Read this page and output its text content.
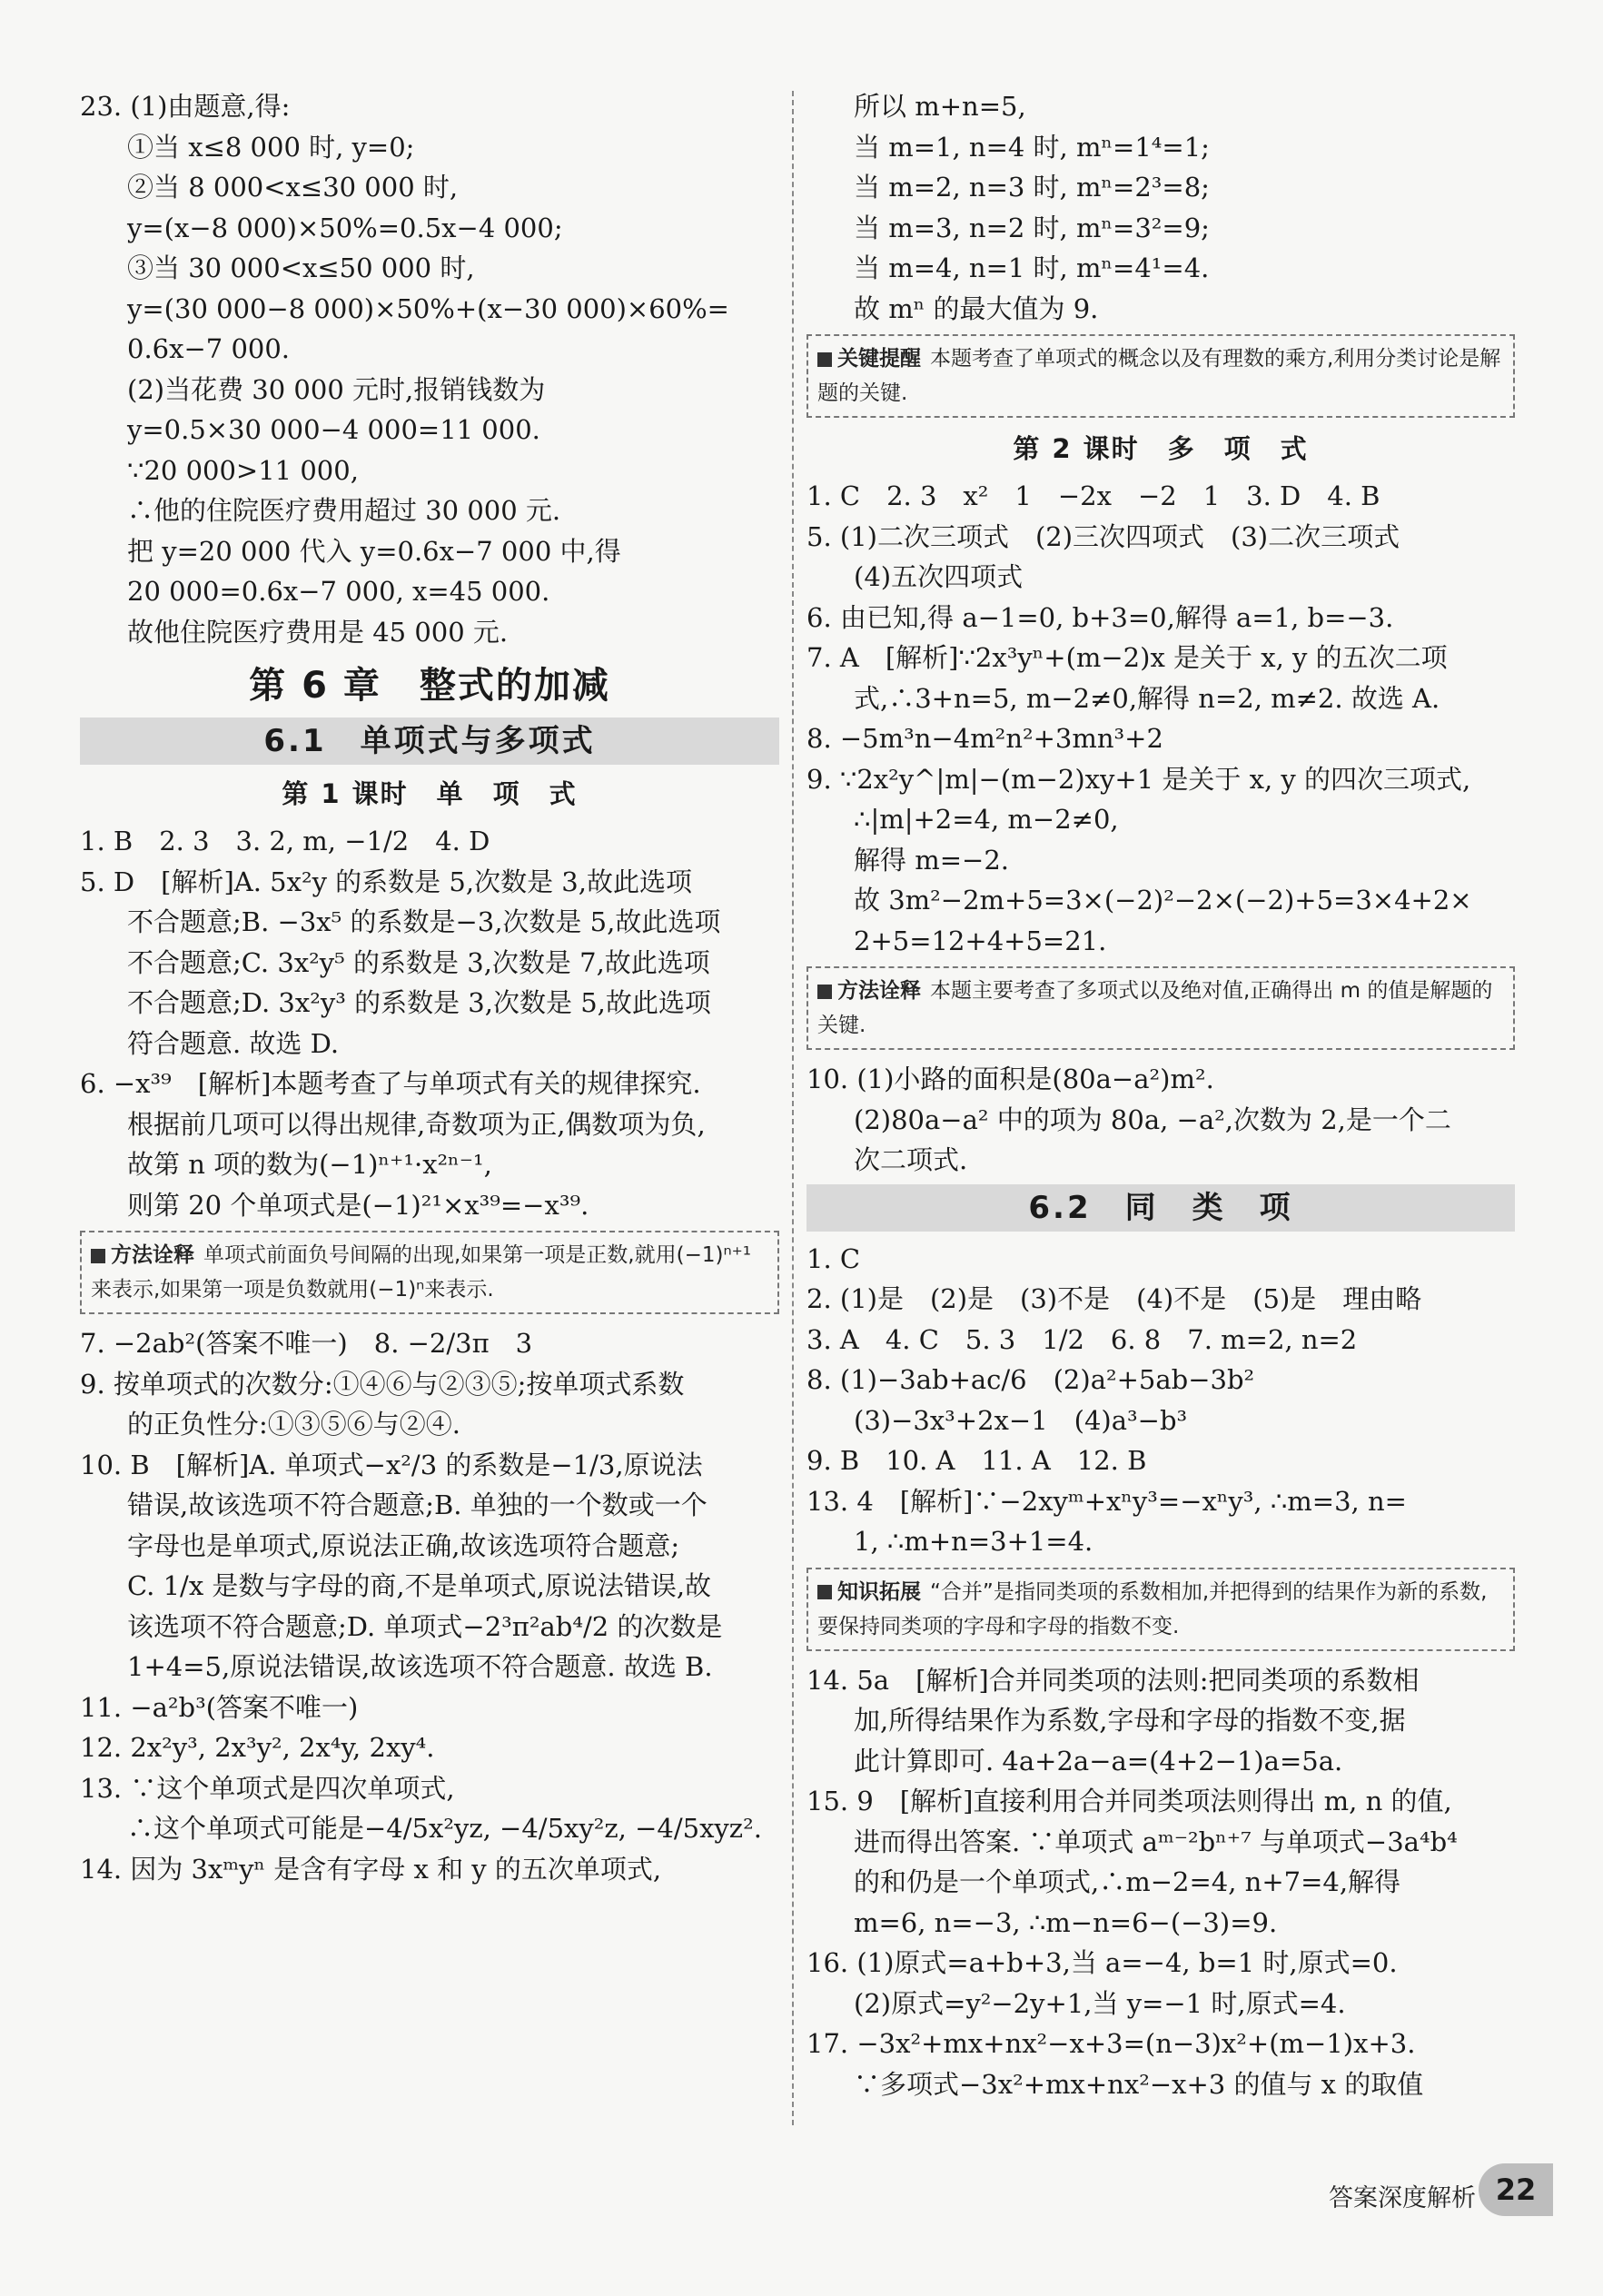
23. (1)由题意,得:
①当 x≤8 000 时, y=0;
②当 8 000<x≤30 000 时,
y=(x−8 000)×50%=0.5x−4 000;
③当 30 000<x≤50 000 时,
y=(30 000−8 000)×50%+(x−30 000)×60%=
0.6x−7 000.
(2)当花费 30 000 元时,报销钱数为
y=0.5×30 000−4 000=11 000.
∵20 000>11 000,
∴他的住院医疗费用超过 30 000 元.
把 y=20 000 代入 y=0.6x−7 000 中,得
20 000=0.6x−7 000, x=45 000.
故他住院医疗费用是 45 000 元.
第 6 章　整式的加减
6.1　单项式与多项式
第 1 课时　单　项　式
1. B　2. 3　3. 2, m, −1/2　4. D
5. D　[解析]A. 5x²y 的系数是 5,次数是 3,故此选项
不合题意;B. −3x⁵ 的系数是−3,次数是 5,故此选项
不合题意;C. 3x²y⁵ 的系数是 3,次数是 7,故此选项
不合题意;D. 3x²y³ 的系数是 3,次数是 5,故此选项
符合题意. 故选 D.
6. −x³⁹　[解析]本题考查了与单项式有关的规律探究.
根据前几项可以得出规律,奇数项为正,偶数项为负,
故第 n 项的数为(−1)ⁿ⁺¹·x²ⁿ⁻¹,
则第 20 个单项式是(−1)²¹×x³⁹=−x³⁹.
方法诠释 单项式前面负号间隔的出现,如果第一项是正数,就用(−1)ⁿ⁺¹来表示,如果第一项是负数就用(−1)ⁿ来表示.
7. −2ab²(答案不唯一)　8. −2/3π　3
9. 按单项式的次数分:①④⑥与②③⑤;按单项式系数
的正负性分:①③⑤⑥与②④.
10. B　[解析]A. 单项式−x²/3 的系数是−1/3,原说法
错误,故该选项不符合题意;B. 单独的一个数或一个
字母也是单项式,原说法正确,故该选项符合题意;
C. 1/x 是数与字母的商,不是单项式,原说法错误,故
该选项不符合题意;D. 单项式−2³π²ab⁴/2 的次数是
1+4=5,原说法错误,故该选项不符合题意. 故选 B.
11. −a²b³(答案不唯一)
12. 2x²y³, 2x³y², 2x⁴y, 2xy⁴.
13. ∵这个单项式是四次单项式,
∴这个单项式可能是−4/5x²yz, −4/5xy²z, −4/5xyz².
14. 因为 3xᵐyⁿ 是含有字母 x 和 y 的五次单项式,
所以 m+n=5,
当 m=1, n=4 时, mⁿ=1⁴=1;
当 m=2, n=3 时, mⁿ=2³=8;
当 m=3, n=2 时, mⁿ=3²=9;
当 m=4, n=1 时, mⁿ=4¹=4.
故 mⁿ 的最大值为 9.
关键提醒 本题考查了单项式的概念以及有理数的乘方,利用分类讨论是解题的关键.
第 2 课时　多　项　式
1. C　2. 3　x²　1　−2x　−2　1　3. D　4. B
5. (1)二次三项式　(2)三次四项式　(3)二次三项式
(4)五次四项式
6. 由已知,得 a−1=0, b+3=0,解得 a=1, b=−3.
7. A　[解析]∵2x³yⁿ+(m−2)x 是关于 x, y 的五次二项
式,∴3+n=5, m−2≠0,解得 n=2, m≠2. 故选 A.
8. −5m³n−4m²n²+3mn³+2
9. ∵2x²y^|m|−(m−2)xy+1 是关于 x, y 的四次三项式,
∴|m|+2=4, m−2≠0,
解得 m=−2.
故 3m²−2m+5=3×(−2)²−2×(−2)+5=3×4+2×
2+5=12+4+5=21.
方法诠释 本题主要考查了多项式以及绝对值,正确得出 m 的值是解题的关键.
10. (1)小路的面积是(80a−a²)m².
(2)80a−a² 中的项为 80a, −a²,次数为 2,是一个二
次二项式.
6.2　同　类　项
1. C
2. (1)是　(2)是　(3)不是　(4)不是　(5)是　理由略
3. A　4. C　5. 3　1/2　6. 8　7. m=2, n=2
8. (1)−3ab+ac/6　(2)a²+5ab−3b²
(3)−3x³+2x−1　(4)a³−b³
9. B　10. A　11. A　12. B
13. 4　[解析]∵−2xyᵐ+xⁿy³=−xⁿy³, ∴m=3, n=
1, ∴m+n=3+1=4.
知识拓展 “合并”是指同类项的系数相加,并把得到的结果作为新的系数,要保持同类项的字母和字母的指数不变.
14. 5a　[解析]合并同类项的法则:把同类项的系数相
加,所得结果作为系数,字母和字母的指数不变,据
此计算即可. 4a+2a−a=(4+2−1)a=5a.
15. 9　[解析]直接利用合并同类项法则得出 m, n 的值,
进而得出答案. ∵单项式 aᵐ⁻²bⁿ⁺⁷ 与单项式−3a⁴b⁴
的和仍是一个单项式,∴m−2=4, n+7=4,解得
m=6, n=−3, ∴m−n=6−(−3)=9.
16. (1)原式=a+b+3,当 a=−4, b=1 时,原式=0.
(2)原式=y²−2y+1,当 y=−1 时,原式=4.
17. −3x²+mx+nx²−x+3=(n−3)x²+(m−1)x+3.
∵多项式−3x²+mx+nx²−x+3 的值与 x 的取值
答案深度解析 22
